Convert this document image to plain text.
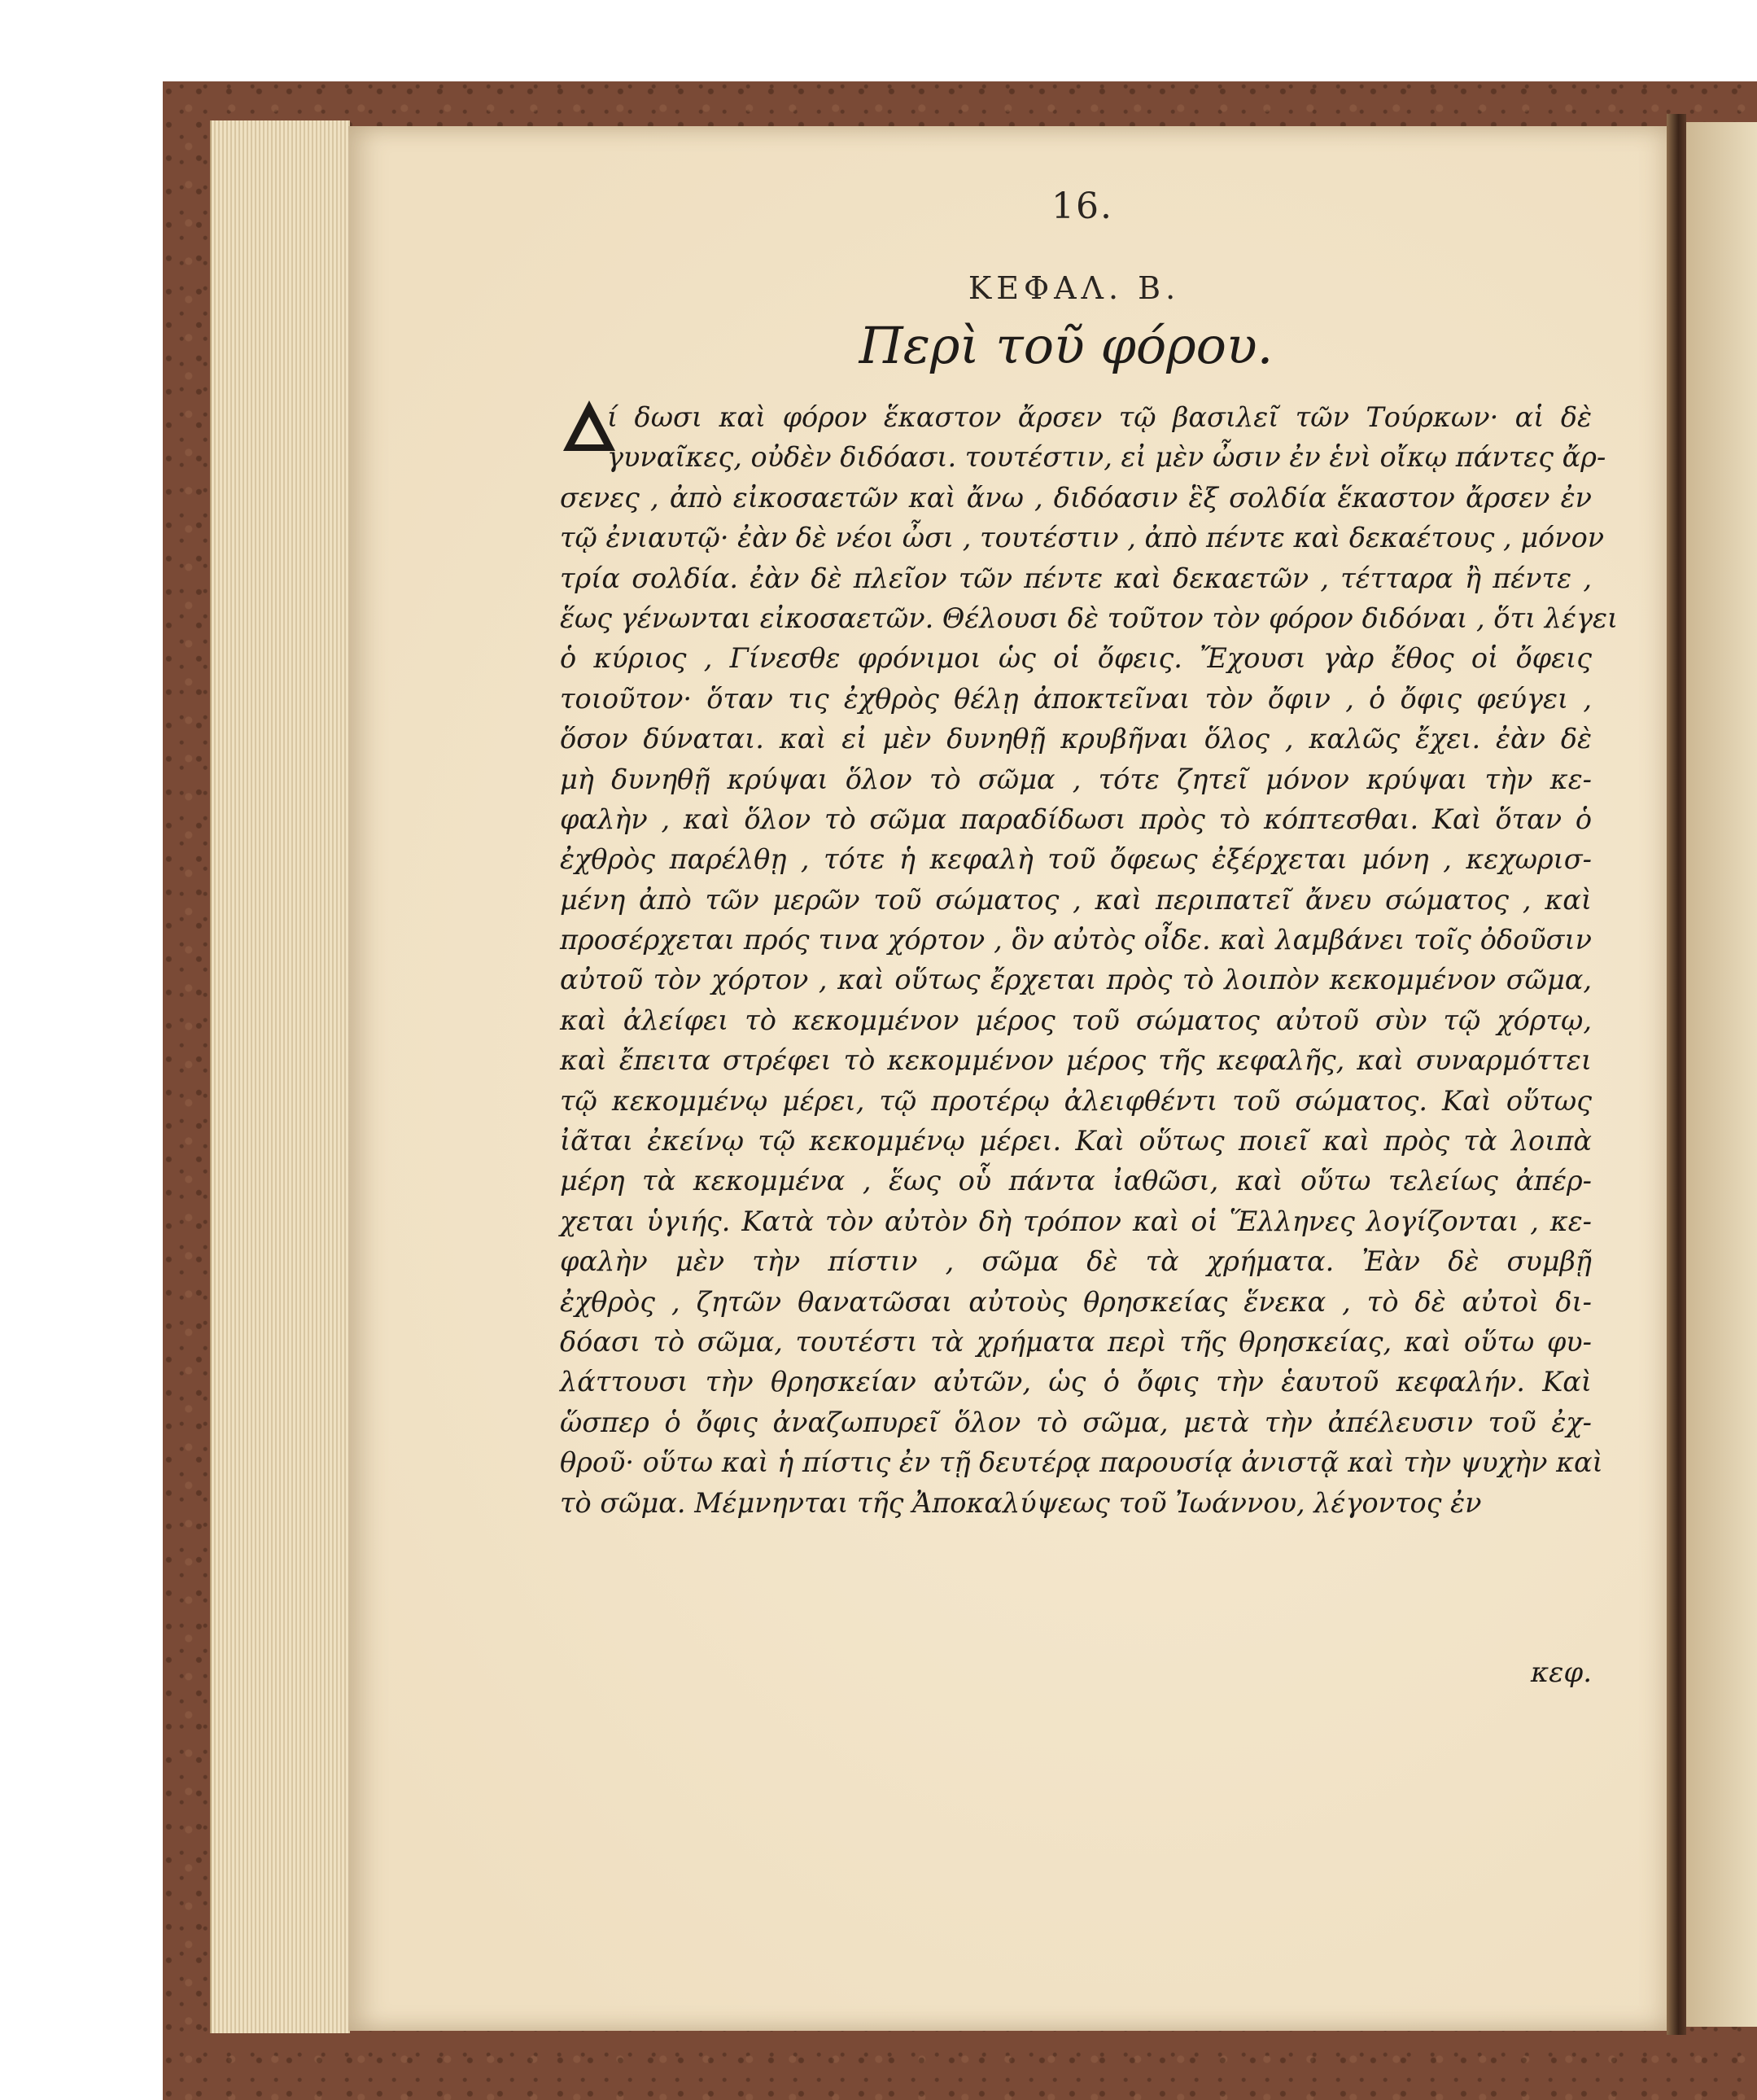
16.
ΚΕΦΑΛ. Β.
Περὶ τοῦ φόρου.
ί δωσι καὶ φόρον ἕκαστον ἄρσεν τῷ βασιλεῖ τῶν Τούρκων· αἱ δὲ
γυναῖκες, οὐδὲν διδόασι. τουτέστιν, εἰ μὲν ὦσιν ἐν ἑνὶ οἴκῳ πάντες ἄρ-
σενες , ἀπὸ εἰκοσαετῶν καὶ ἄνω , διδόασιν ἓξ σολδία ἕκαστον ἄρσεν ἐν
τῷ ἐνιαυτῷ· ἐὰν δὲ νέοι ὦσι , τουτέστιν , ἀπὸ πέντε καὶ δεκαέτους , μόνον
τρία σολδία. ἐὰν δὲ πλεῖον τῶν πέντε καὶ δεκαετῶν , τέτταρα ἢ πέντε ,
ἕως γένωνται εἰκοσαετῶν. Θέλουσι δὲ τοῦτον τὸν φόρον διδόναι , ὅτι λέγει
ὁ κύριος , Γίνεσθε φρόνιμοι ὡς οἱ ὄφεις. Ἔχουσι γὰρ ἔθος οἱ ὄφεις
τοιοῦτον· ὅταν τις ἐχθρὸς θέλῃ ἀποκτεῖναι τὸν ὄφιν , ὁ ὄφις φεύγει ,
ὅσον δύναται. καὶ εἰ μὲν δυνηθῇ κρυβῆναι ὅλος , καλῶς ἔχει. ἐὰν δὲ
μὴ δυνηθῇ κρύψαι ὅλον τὸ σῶμα , τότε ζητεῖ μόνον κρύψαι τὴν κε-
φαλὴν , καὶ ὅλον τὸ σῶμα παραδίδωσι πρὸς τὸ κόπτεσθαι. Καὶ ὅταν ὁ
ἐχθρὸς παρέλθῃ , τότε ἡ κεφαλὴ τοῦ ὄφεως ἐξέρχεται μόνη , κεχωρισ-
μένη ἀπὸ τῶν μερῶν τοῦ σώματος , καὶ περιπατεῖ ἄνευ σώματος , καὶ
προσέρχεται πρός τινα χόρτον , ὃν αὐτὸς οἶδε. καὶ λαμβάνει τοῖς ὀδοῦσιν
αὐτοῦ τὸν χόρτον , καὶ οὕτως ἔρχεται πρὸς τὸ λοιπὸν κεκομμένον σῶμα,
καὶ ἀλείφει τὸ κεκομμένον μέρος τοῦ σώματος αὐτοῦ σὺν τῷ χόρτῳ,
καὶ ἔπειτα στρέφει τὸ κεκομμένον μέρος τῆς κεφαλῆς, καὶ συναρμόττει
τῷ κεκομμένῳ μέρει, τῷ προτέρῳ ἀλειφθέντι τοῦ σώματος. Καὶ οὕτως
ἰᾶται ἐκείνῳ τῷ κεκομμένῳ μέρει. Καὶ οὕτως ποιεῖ καὶ πρὸς τὰ λοιπὰ
μέρη τὰ κεκομμένα , ἕως οὗ πάντα ἰαθῶσι, καὶ οὕτω τελείως ἀπέρ-
χεται ὑγιής. Κατὰ τὸν αὐτὸν δὴ τρόπον καὶ οἱ Ἕλληνες λογίζονται , κε-
φαλὴν μὲν τὴν πίστιν , σῶμα δὲ τὰ χρήματα. Ἐὰν δὲ συμβῇ
ἐχθρὸς , ζητῶν θανατῶσαι αὐτοὺς θρησκείας ἕνεκα , τὸ δὲ αὐτοὶ δι-
δόασι τὸ σῶμα, τουτέστι τὰ χρήματα περὶ τῆς θρησκείας, καὶ οὕτω φυ-
λάττουσι τὴν θρησκείαν αὐτῶν, ὡς ὁ ὄφις τὴν ἑαυτοῦ κεφαλήν. Καὶ
ὥσπερ ὁ ὄφις ἀναζωπυρεῖ ὅλον τὸ σῶμα, μετὰ τὴν ἀπέλευσιν τοῦ ἐχ-
θροῦ· οὕτω καὶ ἡ πίστις ἐν τῇ δευτέρᾳ παρουσίᾳ ἀνιστᾷ καὶ τὴν ψυχὴν καὶ
τὸ σῶμα. Μέμνηνται τῆς Ἀποκαλύψεως τοῦ Ἰωάννου, λέγοντος ἐν
κεφ.
